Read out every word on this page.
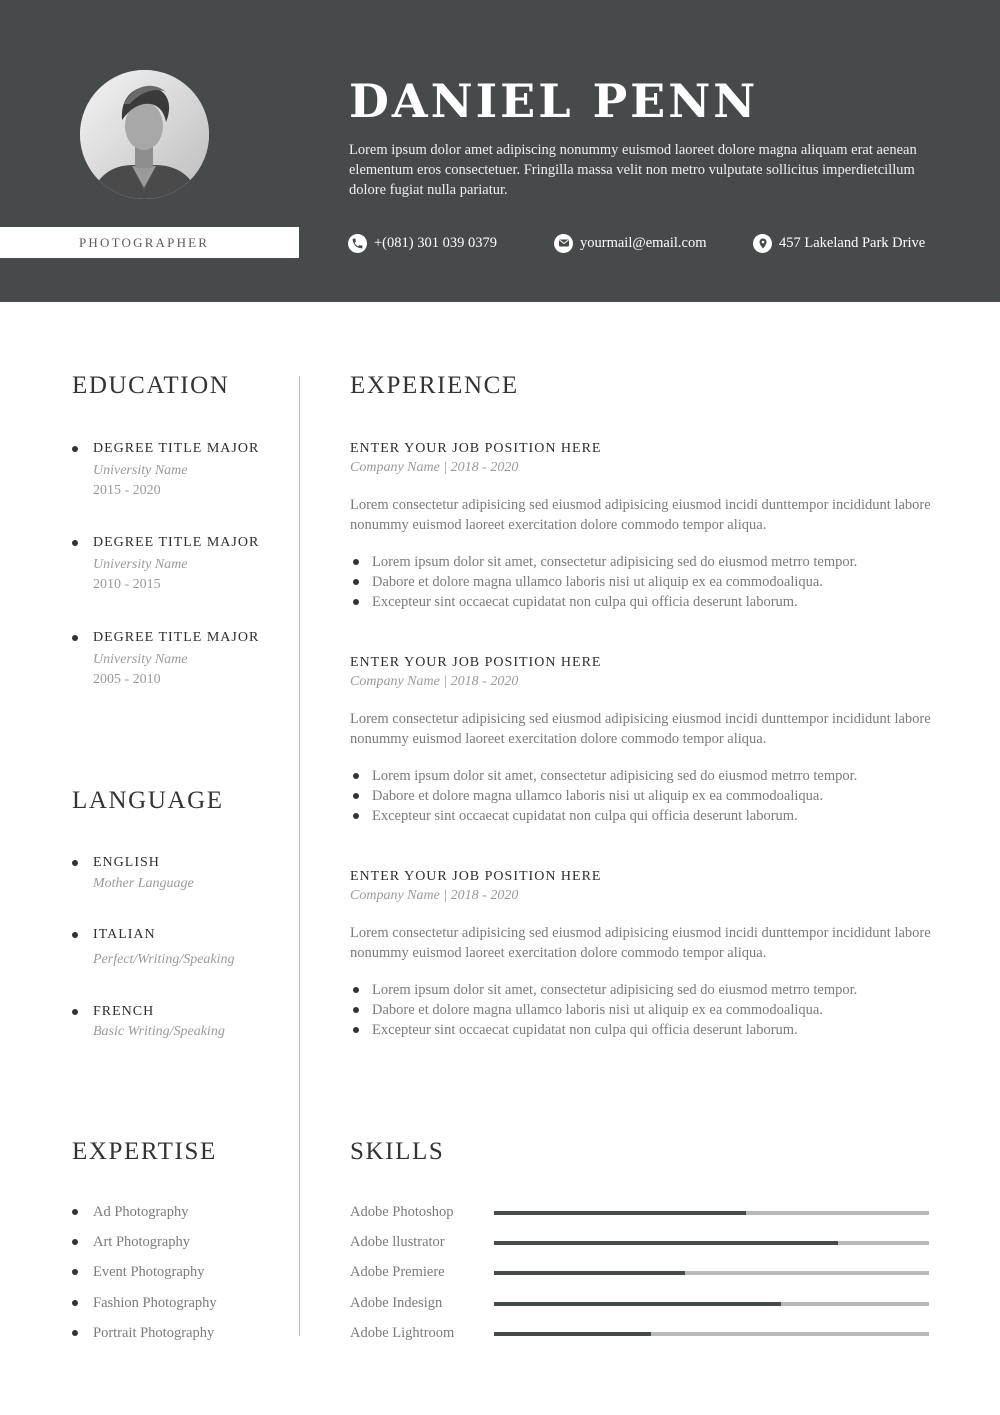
PHOTOGRAPHER
DANIEL PENN

Lorem ipsum dolor amet adipiscing nonummy euismod laoreet dolore magna aliquam erat aenean elementum eros consectetuer. Fringilla massa velit non metro vulputate sollicitus imperdietcillum dolore fugiat nulla pariatur.

+(081) 301 039 0379	yourmail@email.com	457 Lakeland Park Drive
EDUCATION
DEGREE TITLE MAJOR
University Name
2015 - 2020
DEGREE TITLE MAJOR
University Name
2010 - 2015
DEGREE TITLE MAJOR
University Name
2005 - 2010
LANGUAGE
ENGLISH
Mother Language
ITALIAN
Perfect/Writing/Speaking
FRENCH
Basic Writing/Speaking
EXPERTISE
Ad Photography
Art Photography
Event Photography
Fashion Photography
Portrait Photography
EXPERIENCE
ENTER YOUR JOB POSITION HERE
Company Name | 2018 - 2020

Lorem consectetur adipisicing sed eiusmod adipisicing eiusmod incidi dunttempor incididunt labore nonummy euismod laoreet exercitation dolore commodo tempor aliqua.

Lorem ipsum dolor sit amet, consectetur adipisicing sed do eiusmod metrro tempor.
Dabore et dolore magna ullamco laboris nisi ut aliquip ex ea commodoaliqua.
Excepteur sint occaecat cupidatat non culpa qui officia deserunt laborum.
ENTER YOUR JOB POSITION HERE
Company Name | 2018 - 2020

Lorem consectetur adipisicing sed eiusmod adipisicing eiusmod incidi dunttempor incididunt labore nonummy euismod laoreet exercitation dolore commodo tempor aliqua.

Lorem ipsum dolor sit amet, consectetur adipisicing sed do eiusmod metrro tempor.
Dabore et dolore magna ullamco laboris nisi ut aliquip ex ea commodoaliqua.
Excepteur sint occaecat cupidatat non culpa qui officia deserunt laborum.
ENTER YOUR JOB POSITION HERE
Company Name | 2018 - 2020

Lorem consectetur adipisicing sed eiusmod adipisicing eiusmod incidi dunttempor incididunt labore nonummy euismod laoreet exercitation dolore commodo tempor aliqua.

Lorem ipsum dolor sit amet, consectetur adipisicing sed do eiusmod metrro tempor.
Dabore et dolore magna ullamco laboris nisi ut aliquip ex ea commodoaliqua.
Excepteur sint occaecat cupidatat non culpa qui officia deserunt laborum.
SKILLS
Adobe Photoshop
Adobe llustrator
Adobe Premiere
Adobe Indesign
Adobe Lightroom
